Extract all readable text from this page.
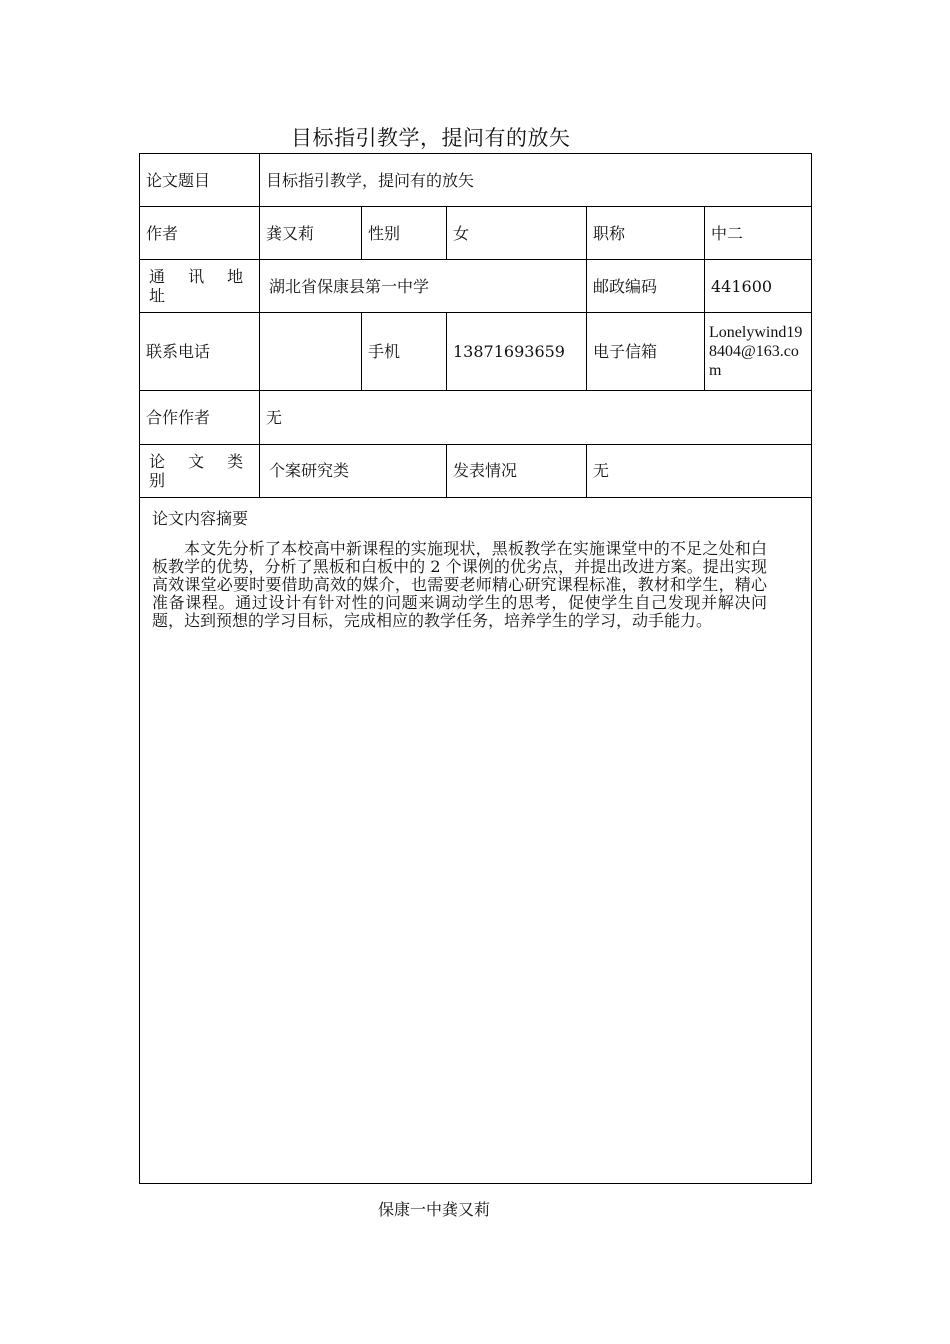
目标指引教学，提问有的放矢
论文题目	目标指引教学，提问有的放矢				
作者	龚又莉	性别	女	职称	中二
通 讯 地 址	湖北省保康县第一中学			邮政编码	441600
联系电话		手机	13871693659	电子信箱	Lonelywind198404@163.com
合作作者	无				
论 文 类 别	个案研究类		发表情况	无	

论文内容摘要
本文先分析了本校高中新课程的实施现状，黑板教学在实施课堂中的不足之处和白板教学的优势，分析了黑板和白板中的 2 个课例的优劣点，并提出改进方案。提出实现高效课堂必要时要借助高效的媒介，也需要老师精心研究课程标准，教材和学生，精心准备课程。通过设计有针对性的问题来调动学生的思考，促使学生自己发现并解决问题，达到预想的学习目标，完成相应的教学任务，培养学生的学习，动手能力。					
保康一中龚又莉
